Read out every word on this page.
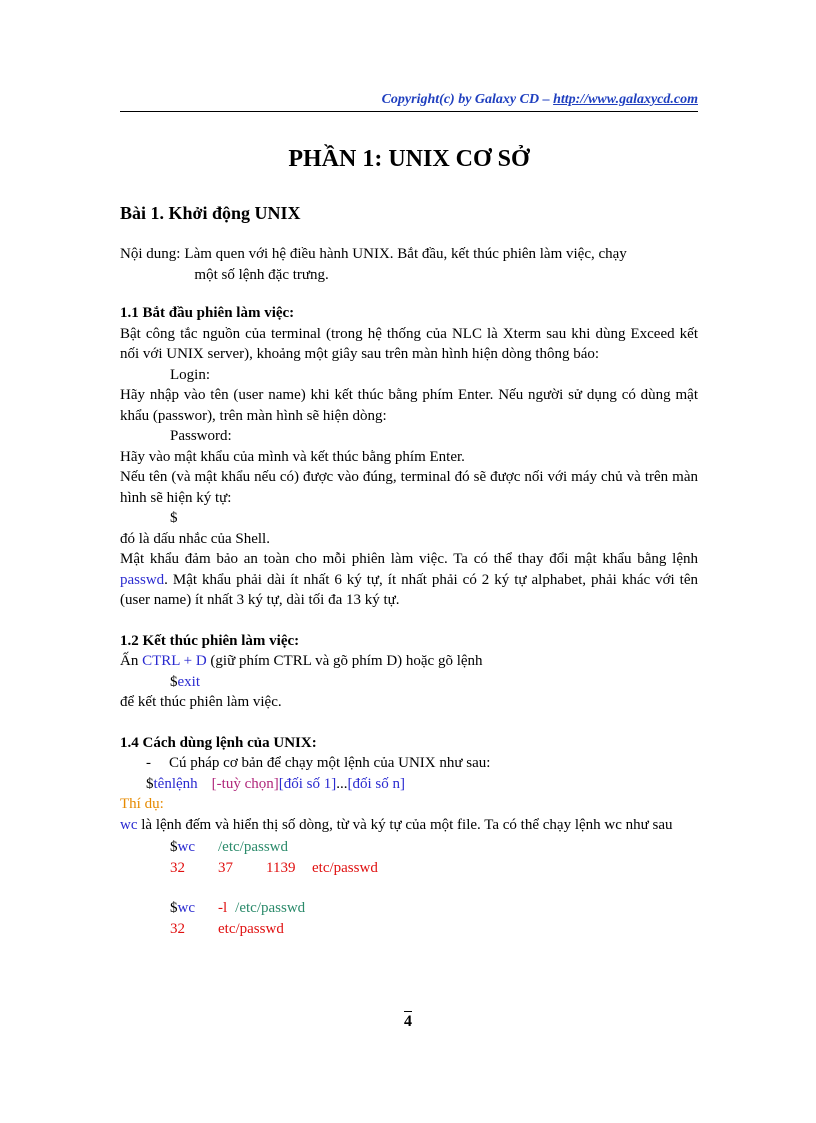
Copyright(c) by Galaxy CD – http://www.galaxycd.com
PHẦN 1: UNIX CƠ SỞ
Bài 1. Khởi động UNIX
Nội dung: Làm quen với hệ điều hành UNIX. Bắt đầu, kết thúc phiên làm việc, chạy
một số lệnh đặc trưng.
1.1 Bắt đầu phiên làm việc:
Bật công tắc nguồn của terminal (trong hệ thống của NLC là Xterm sau khi dùng Exceed kết nối với UNIX server), khoảng một giây sau trên màn hình hiện dòng thông báo:
Login:
Hãy nhập vào tên (user name) khi kết thúc bằng phím Enter. Nếu người sử dụng có dùng mật khẩu (passwor), trên màn hình sẽ hiện dòng:
Password:
Hãy vào mật khẩu của mình và kết thúc bằng phím Enter.
Nếu tên (và mật khẩu nếu có) được vào đúng, terminal đó sẽ được nối với máy chủ và trên màn hình sẽ hiện ký tự:
$
đó là dấu nhắc của Shell.
Mật khẩu đảm bảo an toàn cho mỗi phiên làm việc. Ta có thể thay đổi mật khẩu bằng lệnh passwd. Mật khẩu phải dài ít nhất 6 ký tự, ít nhất phải có 2 ký tự alphabet, phải khác với tên (user name) ít nhất 3 ký tự, dài tối đa 13 ký tự.
1.2 Kết thúc phiên làm việc:
Ấn CTRL + D (giữ phím CTRL và gõ phím D) hoặc gõ lệnh
$exit
để kết thúc phiên làm việc.
1.4 Cách dùng lệnh của UNIX:
- Cú pháp cơ bản để chạy một lệnh của UNIX như sau:
$tênlệnh [-tuỳ chọn][đối số 1]...[đối số n]
Thí dụ:
wc là lệnh đếm và hiển thị số dòng, từ và ký tự của một file. Ta có thể chạy lệnh wc như sau
$wc /etc/passwd
32 37 1139 etc/passwd
$wc -l /etc/passwd
32 etc/passwd
4
